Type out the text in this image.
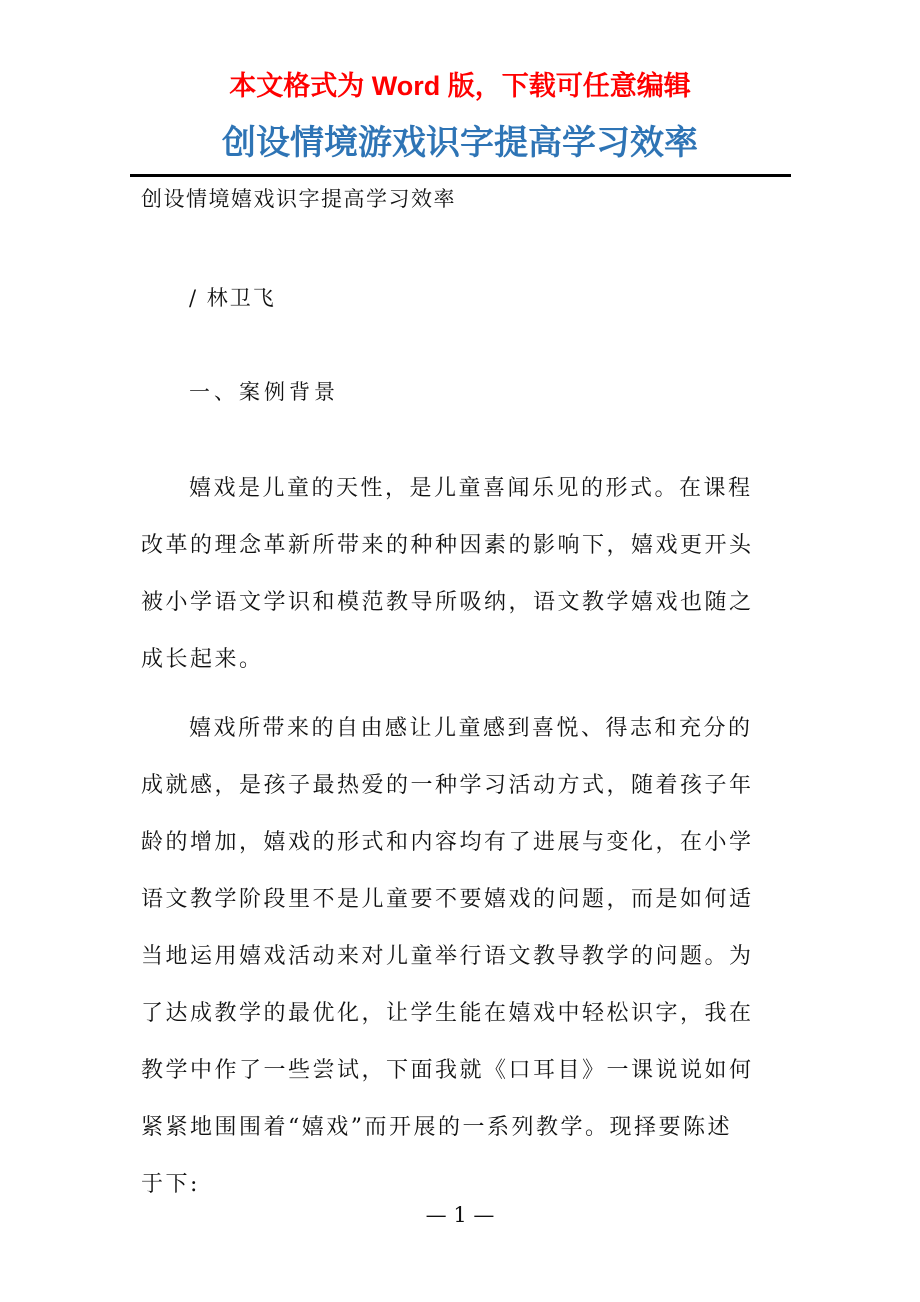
本文格式为 Word 版，下载可任意编辑
创设情境游戏识字提高学习效率
创设情境嬉戏识字提高学习效率
/ 林卫飞
一、案例背景
嬉戏是儿童的天性，是儿童喜闻乐见的形式。在课程
改革的理念革新所带来的种种因素的影响下，嬉戏更开头
被小学语文学识和模范教导所吸纳，语文教学嬉戏也随之
成长起来。
嬉戏所带来的自由感让儿童感到喜悦、得志和充分的
成就感，是孩子最热爱的一种学习活动方式，随着孩子年
龄的增加，嬉戏的形式和内容均有了进展与变化，在小学
语文教学阶段里不是儿童要不要嬉戏的问题，而是如何适
当地运用嬉戏活动来对儿童举行语文教导教学的问题。为
了达成教学的最优化，让学生能在嬉戏中轻松识字，我在
教学中作了一些尝试，下面我就《口耳目》一课说说如何
紧紧地围围着“嬉戏”而开展的一系列教学。现择要陈述
于下:
— 1 —
